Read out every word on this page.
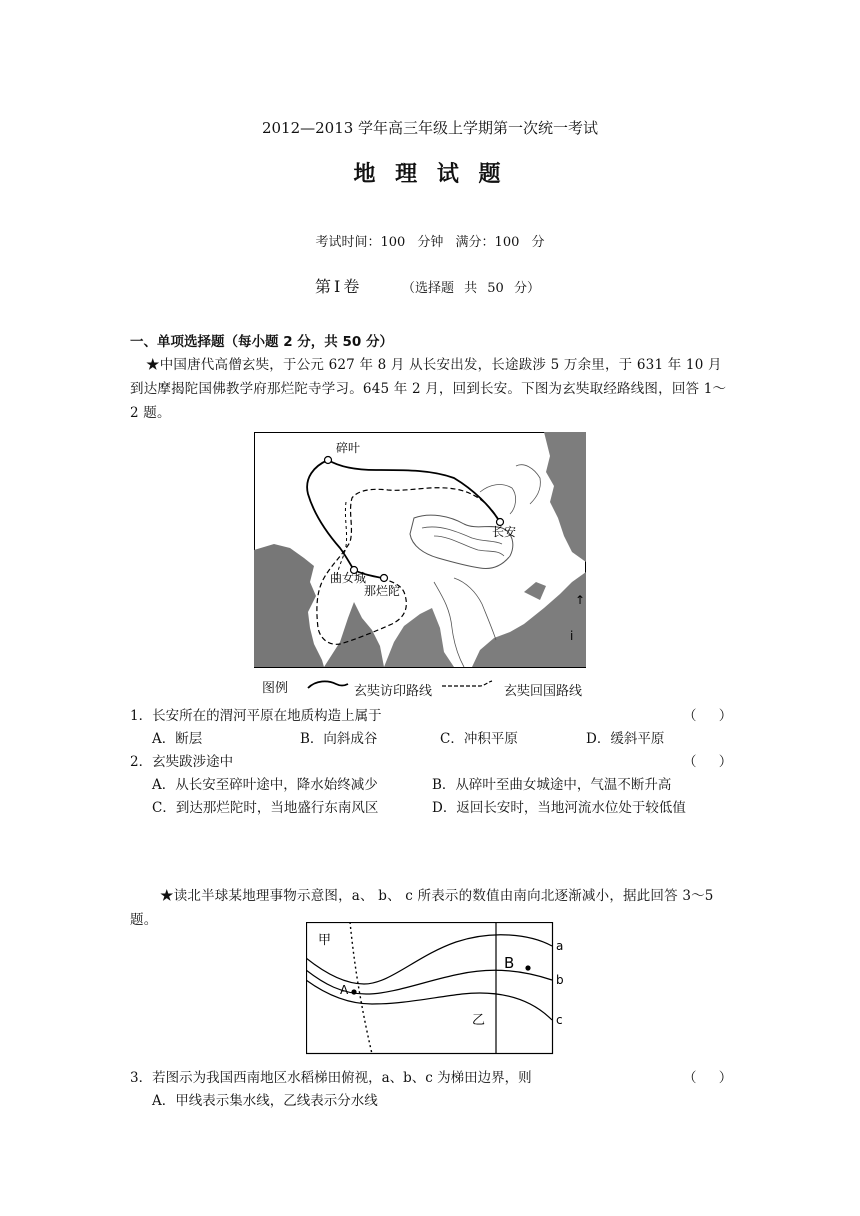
2012—2013 学年高三年级上学期第一次统一考试
地 理 试 题
考试时间：100 分钟 满分：100 分
第Ⅰ卷	（选择题 共 50 分）
一、单项选择题（每小题 2 分，共 50 分）
★中国唐代高僧玄奘，于公元 627 年 8 月 从长安出发，长途跋涉 5 万余里，于 631 年 10 月到达摩揭陀国佛教学府那烂陀寺学习。645 年 2 月，回到长安。下图为玄奘取经路线图，回答 1～2 题。
碎叶
长安
曲女城
那烂陀
↑
i
图例	玄奘访印路线	玄奘回国路线
1．长安所在的渭河平原在地质构造上属于	（ ）
A．断层	B．向斜成谷	C．冲积平原	D．缓斜平原
2．玄奘跋涉途中	（ ）
A．从长安至碎叶途中，降水始终减少	B．从碎叶至曲女城途中，气温不断升高
C．到达那烂陀时，当地盛行东南风区	D．返回长安时，当地河流水位处于较低值
★读北半球某地理事物示意图，a、 b、 c 所表示的数值由南向北逐渐减小，据此回答 3～5 题。
甲
乙
a
b
c
A
B
3．若图示为我国西南地区水稻梯田俯视，a、b、c 为梯田边界，则	（ ）
A．甲线表示集水线，乙线表示分水线
